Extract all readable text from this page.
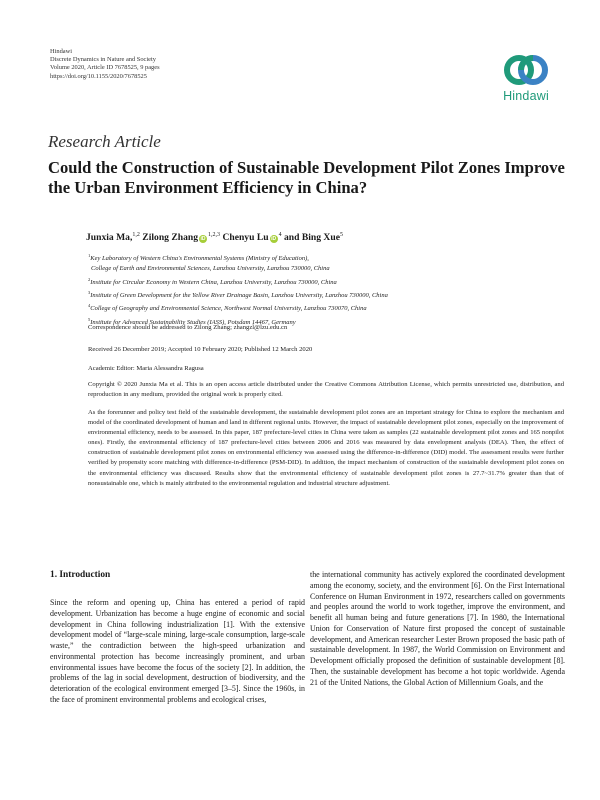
Hindawi
Discrete Dynamics in Nature and Society
Volume 2020, Article ID 7678525, 9 pages
https://doi.org/10.1155/2020/7678525
Hindawi
Research Article
Could the Construction of Sustainable Development Pilot Zones Improve the Urban Environment Efficiency in China?
Junxia Ma,$^{1,2}$ Zilong Zhang iD$^{1,2,3}$ Chenyu Lu $iD^4$ and Bing Xue$^5$
$^1$Key Laboratory of Western China's Environmental Systems (Ministry of Education),
College of Earth and Environmental Sciences, Lanzhou University, Lanzhou 730000, China
$^2$Institute for Circular Economy in Western China, Lanzhou University, Lanzhou 730000, China
$^3$Institute of Green Development for the Yellow River Drainage Basin, Lanzhou University, Lanzhou 730000, China
$^4$College of Geography and Environmental Science, Northwest Normal University, Lanzhou 730070, China
$^5$Institute for Advanced Sustainability Studies (IASS), Potsdam 14467, Germany
Correspondence should be addressed to Zilong Zhang; zhangzl@lzu.edu.cn
Received 26 December 2019; Accepted 10 February 2020; Published 12 March 2020
Academic Editor: Maria Alessandra Ragusa
Copyright © 2020 Junxia Ma et al. This is an open access article distributed under the Creative Commons Attribution License, which permits unrestricted use, distribution, and reproduction in any medium, provided the original work is properly cited.
As the forerunner and policy test field of the sustainable development, the sustainable development pilot zones are an important strategy for China to explore the mechanism and model of the coordinated development of human and land in different regional units. However, the impact of sustainable development pilot zones, especially on the improvement of environmental efficiency, needs to be assessed. In this paper, 187 prefecture-level cities in China were taken as samples (22 sustainable development pilot zones and 165 nonpilot ones). Firstly, the environmental efficiency of 187 prefecture-level cities between 2006 and 2016 was measured by data envelopment analysis (DEA). Then, the effect of construction of sustainable development pilot zones on environmental efficiency was assessed using the difference-in-difference (DID) model. The assessment results were further verified by propensity score matching with difference-in-difference (PSM-DID). In addition, the impact mechanism of construction of the sustainable development pilot zones on the environmental efficiency was discussed. Results show that the environmental efficiency of sustainable development pilot zones is 27.7~31.7% greater than that of nonsustainable one, which is mainly attributed to the environmental regulation and industrial structure adjustment.
1. Introduction
Since the reform and opening up, China has entered a period of rapid development. Urbanization has become a huge engine of economic and social development in China following industrialization [1]. With the extensive development model of “large-scale mining, large-scale consumption, large-scale waste,” the contradiction between the high-speed urbanization and environmental protection has become increasingly prominent, and urban environmental issues have become the focus of the society [2]. In addition, the problems of the lag in social development, destruction of biodiversity, and the deterioration of the ecological environment emerged [3–5]. Since the 1960s, in the face of prominent environmental problems and ecological crises,
the international community has actively explored the coordinated development among the economy, society, and the environment [6]. On the First International Conference on Human Environment in 1972, researchers called on governments and peoples around the world to work together, improve the environment, and benefit all human being and future generations [7]. In 1980, the International Union for Conservation of Nature first proposed the concept of sustainable development, and American researcher Lester Brown proposed the basic path of sustainable development. In 1987, the World Commission on Environment and Development officially proposed the definition of sustainable development [8]. Then, the sustainable development has become a hot topic worldwide. Agenda 21 of the United Nations, the Global Action of Millennium Goals, and the
